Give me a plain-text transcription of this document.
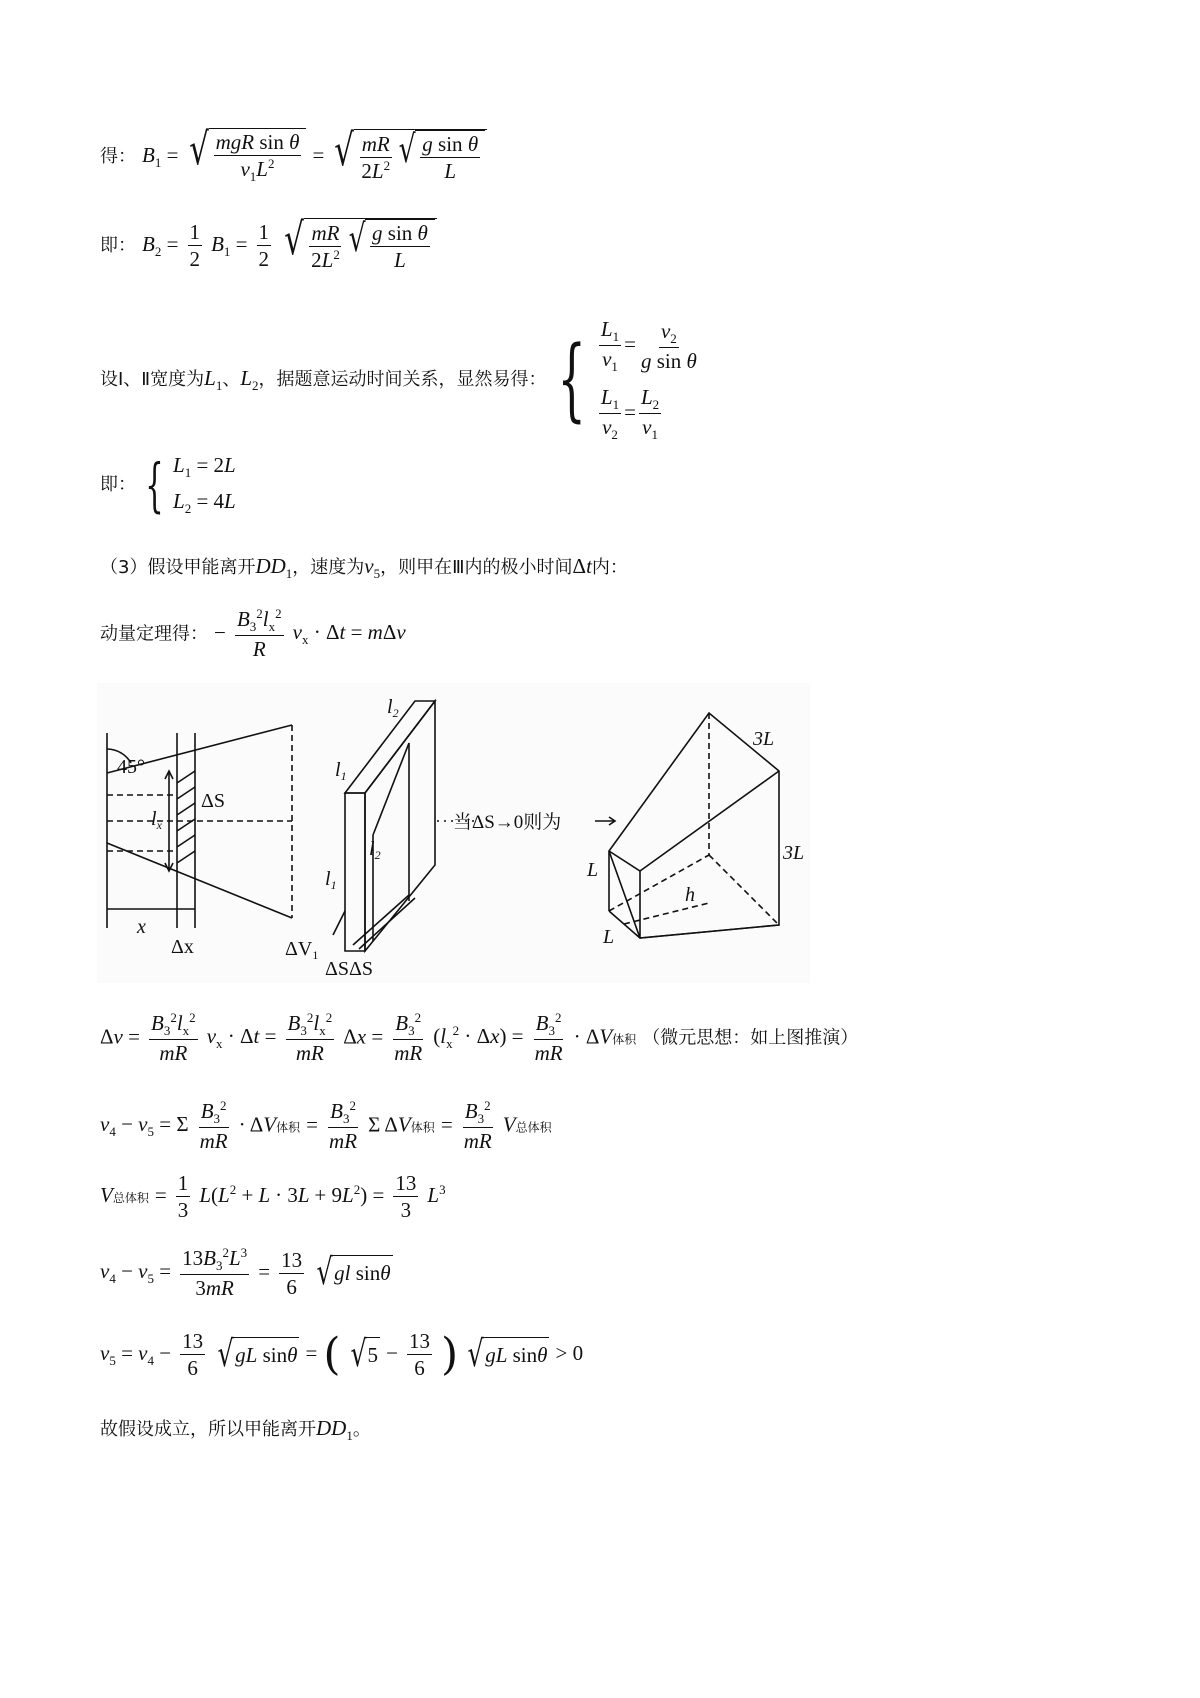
得： $B_1$ = √ $\frac{\text{mgR sin θ}}{v_1L^2}$ = √ $\frac{mR}{2L^2}$ √ $\frac{\text{g sin θ}}{L}$
即： $B_2 = \frac{1}{2} B_1 = \frac{1}{2}$
√ $\frac{mR}{2L^2}$ √ $\frac{\text{g sin θ}}{L}$
设Ⅰ、Ⅱ宽度为$L_1$、$L_2$，据题意运动时间关系，显然易得： { $\frac{L_1}{v_1} = \frac{v_2}{\text{g sin θ}}$
$\frac{L_1}{v_2} = \frac{L_2}{v_1}$
即： { $L_1 = 2L$
$L_2 = 4L$
（3）假设甲能离开$DD_1$，速度为$v_5$，则甲在Ⅲ内的极小时间Δt内：
动量定理得： − $\frac{B_3^2l_x^2}{R} v_x \cdot \Delta t = m\Delta v$
45°
ΔS
$l_x$
x
Δx
$l_1$
$l_2$
$l_2$
$l_1$
$\Delta V_1$
ΔSΔS
当ΔS→0则为
3L
3L
L
L
h
$\Delta v = \frac{B_3^2l_x^2}{mR} v_x \cdot \Delta t = \frac{B_3^2l_x^2}{mR}$ $\Delta x = \frac{B_3^2}{mR} (l_x^2 \cdot \Delta x) = \frac{B_3^2}{mR} \cdot \Delta V$体积 （微元思想：如上图推演）
$v_4 - v_5 = \Sigma \frac{B_3^2}{mR} \cdot \Delta V$体积 = $\frac{B_3^2}{mR}$ Σ ΔV体积 = $\frac{B_3^2}{mR}$ V总体积
V总体积 = $\frac{1}{3} L(L^2 + L \cdot 3L + 9L^2) = \frac{13}{3} L^3$
$v_4 - v_5 = \frac{13B_3^2L^3}{3mR} = \frac{13}{6}$
√ gl sin θ
$v_5 = v_4 - \frac{13}{6}$
√ gL sin θ = ( √ $5 - \frac{13}{6}$ ) √ gL sin θ > 0
故假设成立，所以甲能离开$DD_1$。
